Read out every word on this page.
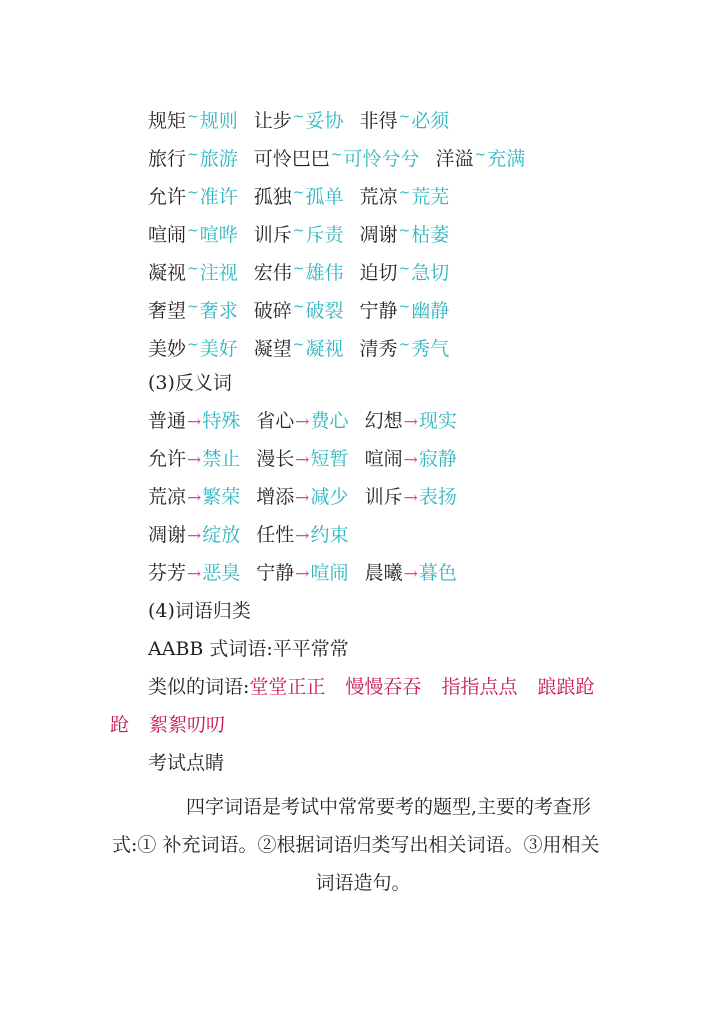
规矩~规则 让步~妥协 非得~必须
旅行~旅游 可怜巴巴~可怜兮兮 洋溢~充满
允许~准许 孤独~孤单 荒凉~荒芜
喧闹~喧哗 训斥~斥责 凋谢~枯萎
凝视~注视 宏伟~雄伟 迫切~急切
奢望~奢求 破碎~破裂 宁静~幽静
美妙~美好 凝望~凝视 清秀~秀气
(3)反义词
普通→特殊 省心→费心 幻想→现实
允许→禁止 漫长→短暂 喧闹→寂静
荒凉→繁荣 增添→减少 训斥→表扬
凋谢→绽放 任性→约束
芬芳→恶臭 宁静→喧闹 晨曦→暮色
(4)词语归类
AABB 式词语:平平常常
类似的词语:堂堂正正 慢慢吞吞 指指点点 踉踉跄
跄 絮絮叨叨
考试点睛
四字词语是考试中常常要考的题型,主要的考查形
式:① 补充词语。②根据词语归类写出相关词语。③用相关
词语造句。
